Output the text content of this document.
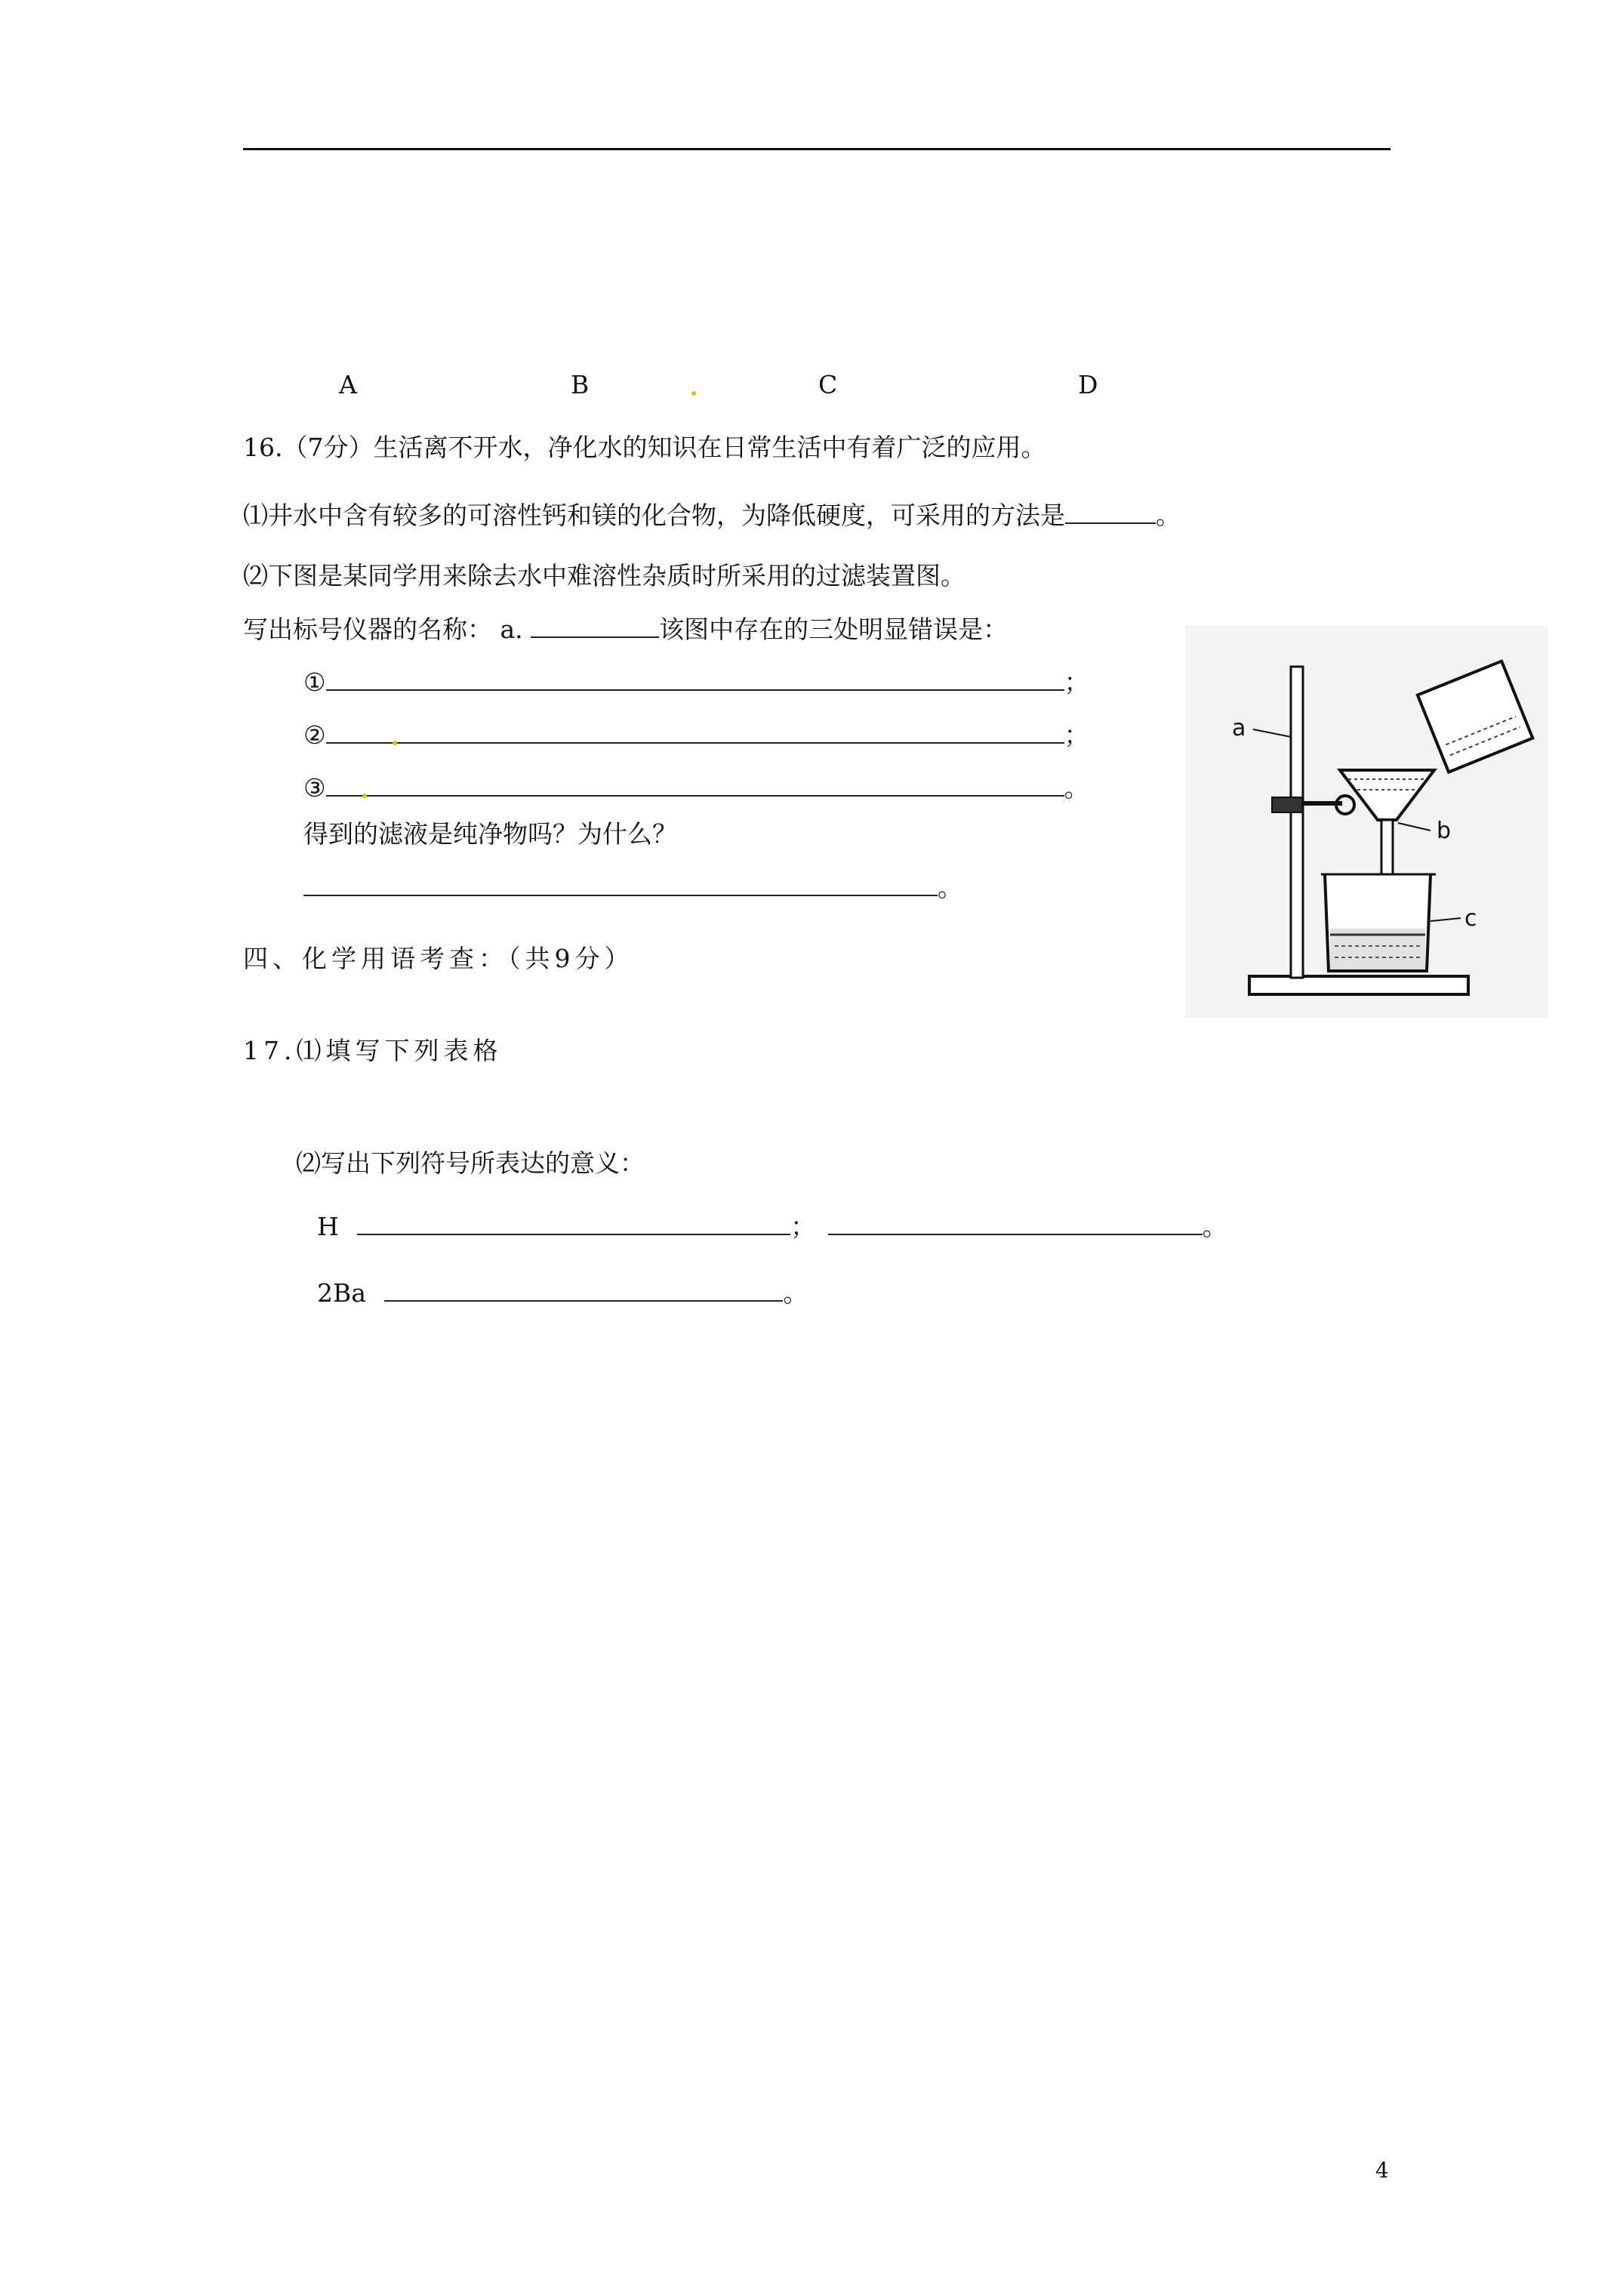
A	B	C	D
16.（7分）生活离不开水，净化水的知识在日常生活中有着广泛的应用。
⑴井水中含有较多的可溶性钙和镁的化合物，为降低硬度，可采用的方法是	。
⑵下图是某同学用来除去水中难溶性杂质时所采用的过滤装置图。
写出标号仪器的名称： a.	该图中存在的三处明显错误是：
①	；
②	；
③	。
得到的滤液是纯净物吗？为什么？
。
a
b
c
四、化学用语考查：（共9分）
17.⑴填写下列表格
⑵写出下列符号所表达的意义：
H	；	。
2Ba	。
4
